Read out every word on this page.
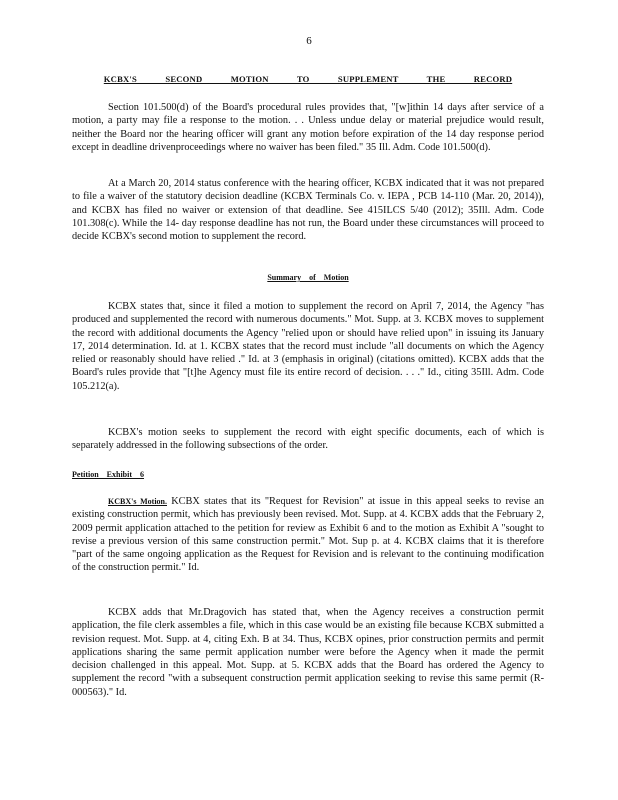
6
KCBX'S SECOND MOTION TO SUPPLEMENT THE RECORD

Section 101.500(d) of the Board's procedural rules provides that, "[w]ithin 14 days after service of a motion, a party may file a response to the motion. . . Unless undue delay or material prejudice would result, neither the Board nor the hearing officer will grant any motion before expiration of the 14 day response period except in deadline drivenproceedings where no waiver has been filed." 35 Ill. Adm. Code 101.500(d).

At a March 20, 2014 status conference with the hearing officer, KCBX indicated that it was not prepared to file a waiver of the statutory decision deadline (KCBX Terminals Co. v. IEPA , PCB 14-110 (Mar. 20, 2014)), and KCBX has filed no waiver or extension of that deadline. See 415ILCS 5/40 (2012); 35Ill. Adm. Code 101.308(c). While the 14- day response deadline has not run, the Board under these circumstances will proceed to decide KCBX's second motion to supplement the record.

Summary of Motion

KCBX states that, since it filed a motion to supplement the record on April 7, 2014, the Agency "has produced and supplemented the record with numerous documents." Mot. Supp. at 3. KCBX moves to supplement the record with additional documents the Agency "relied upon or should have relied upon" in issuing its January 17, 2014 determination. Id. at 1. KCBX states that the record must include "all documents on which the Agency relied or reasonably should have relied ." Id. at 3 (emphasis in original) (citations omitted). KCBX adds that the Board's rules provide that "[t]he Agency must file its entire record of decision. . . ." Id., citing 35Ill. Adm. Code 105.212(a).

KCBX's motion seeks to supplement the record with eight specific documents, each of which is separately addressed in the following subsections of the order.

Petition Exhibit 6

KCBX's Motion. KCBX states that its "Request for Revision" at issue in this appeal seeks to revise an existing construction permit, which has previously been revised. Mot. Supp. at 4. KCBX adds that the February 2, 2009 permit application attached to the petition for review as Exhibit 6 and to the motion as Exhibit A "sought to revise a previous version of this same construction permit." Mot. Sup p. at 4. KCBX claims that it is therefore "part of the same ongoing application as the Request for Revision and is relevant to the continuing modification of the construction permit." Id.

KCBX adds that Mr.Dragovich has stated that, when the Agency receives a construction permit application, the file clerk assembles a file, which in this case would be an existing file because KCBX submitted a revision request. Mot. Supp. at 4, citing Exh. B at 34. Thus, KCBX opines, prior construction permits and permit applications sharing the same permit application number were before the Agency when it made the permit decision challenged in this appeal. Mot. Supp. at 5. KCBX adds that the Board has ordered the Agency to supplement the record "with a subsequent construction permit application seeking to revise this same permit (R-000563)." Id.
